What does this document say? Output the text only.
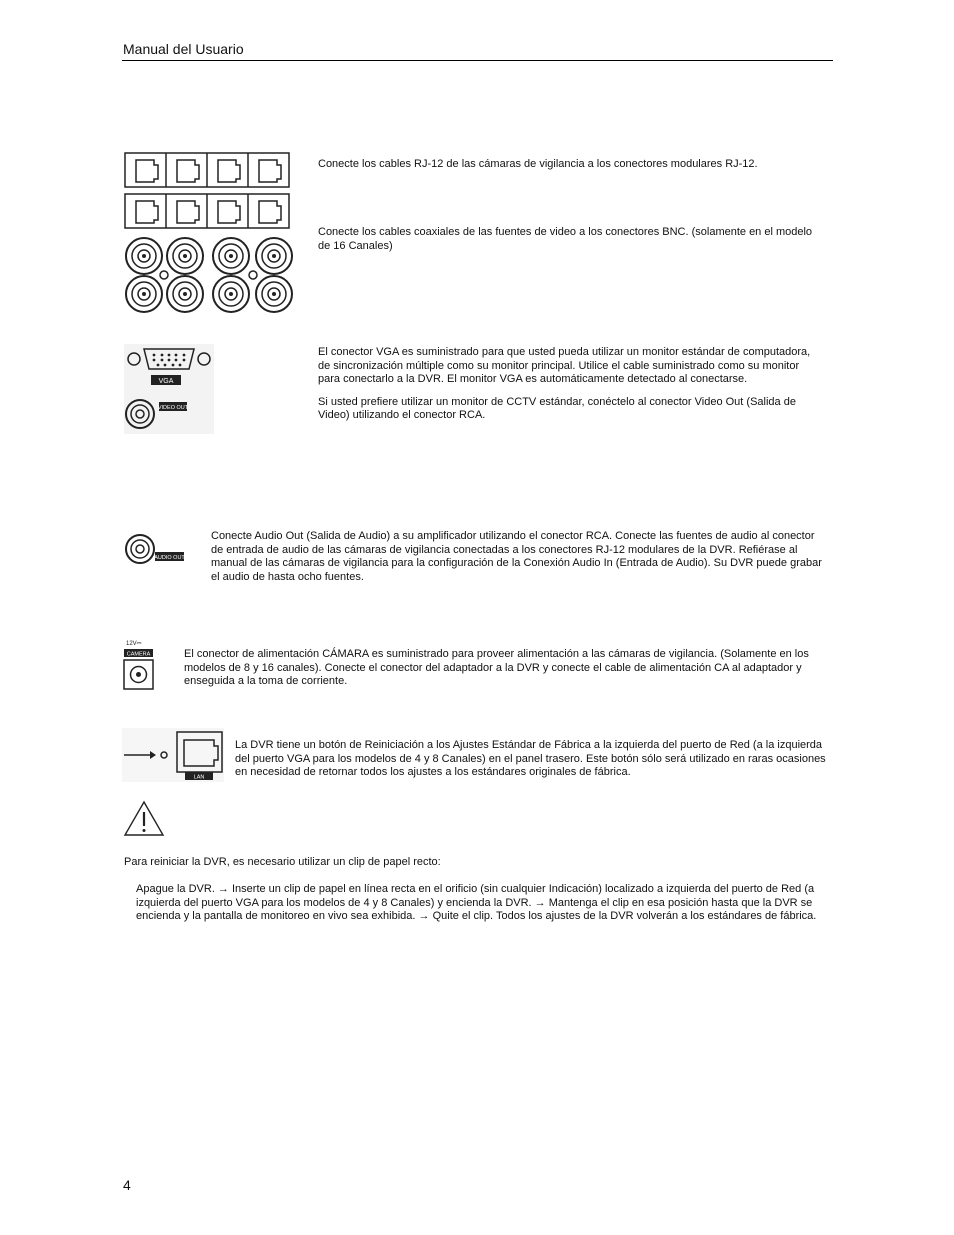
Manual del Usuario
Conecte los cables RJ-12 de las cámaras de vigilancia a los conectores modulares RJ-12.
Conecte los cables coaxiales de las fuentes de video a los conectores BNC. (solamente en el modelo de 16 Canales)
VGA
VIDEO OUT

El conector VGA es suministrado para que usted pueda utilizar un monitor estándar de computadora, de sincronización múltiple como su monitor principal. Utilice el cable suministrado como su monitor para conectarlo a la DVR. El monitor VGA es automáticamente detectado al conectarse.

Si usted prefiere utilizar un monitor de CCTV estándar, conéctelo al conector Video Out (Salida de Video) utilizando el conector RCA.

AUDIO OUT
Conecte Audio Out (Salida de Audio) a su amplificador utilizando el conector RCA. Conecte las fuentes de audio al conector de entrada de audio de las cámaras de vigilancia conectadas a los conectores RJ-12 modulares de la DVR. Refiérase al manual de las cámaras de vigilancia para la configuración de la Conexión Audio In (Entrada de Audio). Su DVR puede grabar el audio de hasta ocho fuentes.
12V⎓
CAMERA	El conector de alimentación CÁMARA es suministrado para proveer alimentación a las cámaras de vigilancia. (Solamente en los modelos de 8 y 16 canales). Conecte el conector del adaptador a la DVR y conecte el cable de alimentación CA al adaptador y enseguida a la toma de corriente.
LAN
La DVR tiene un botón de Reiniciación a los Ajustes Estándar de Fábrica a la izquierda del puerto de Red (a la izquierda del puerto VGA para los modelos de 4 y 8 Canales) en el panel trasero. Este botón sólo será utilizado en raras ocasiones en necesidad de retornar todos los ajustes a los estándares originales de fábrica.
Para reiniciar la DVR, es necesario utilizar un clip de papel recto:
Apague la DVR. → Inserte un clip de papel en línea recta en el orificio (sin cualquier Indicación) localizado a izquierda del puerto de Red (a izquierda del puerto VGA para los modelos de 4 y 8 Canales) y encienda la DVR. → Mantenga el clip en esa posición hasta que la DVR se encienda y la pantalla de monitoreo en vivo sea exhibida. → Quite el clip. Todos los ajustes de la DVR volverán a los estándares de fábrica.
4
